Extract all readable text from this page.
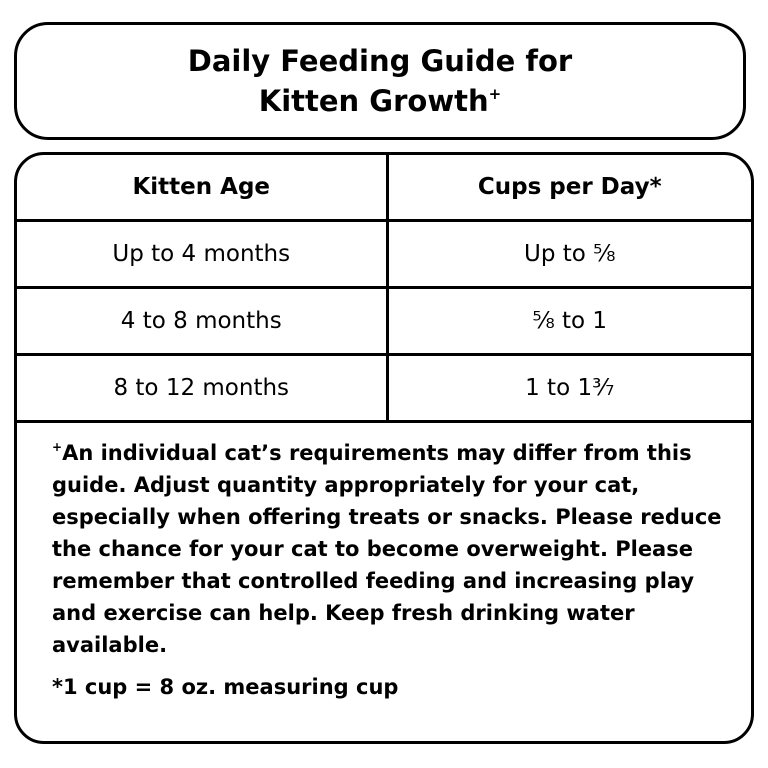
Daily Feeding Guide for
Kitten Growth+
Kitten Age	Cups per Day*
Up to 4 months	Up to ⁵⁄₈
4 to 8 months	⁵⁄₈ to 1
8 to 12 months	1 to 1³⁄₇
+An individual cat’s requirements may differ from this guide. Adjust quantity appropriately for your cat, especially when offering treats or snacks. Please reduce the chance for your cat to become overweight. Please remember that controlled feeding and increasing play and exercise can help. Keep fresh drinking water available.
*1 cup = 8 oz. measuring cup
